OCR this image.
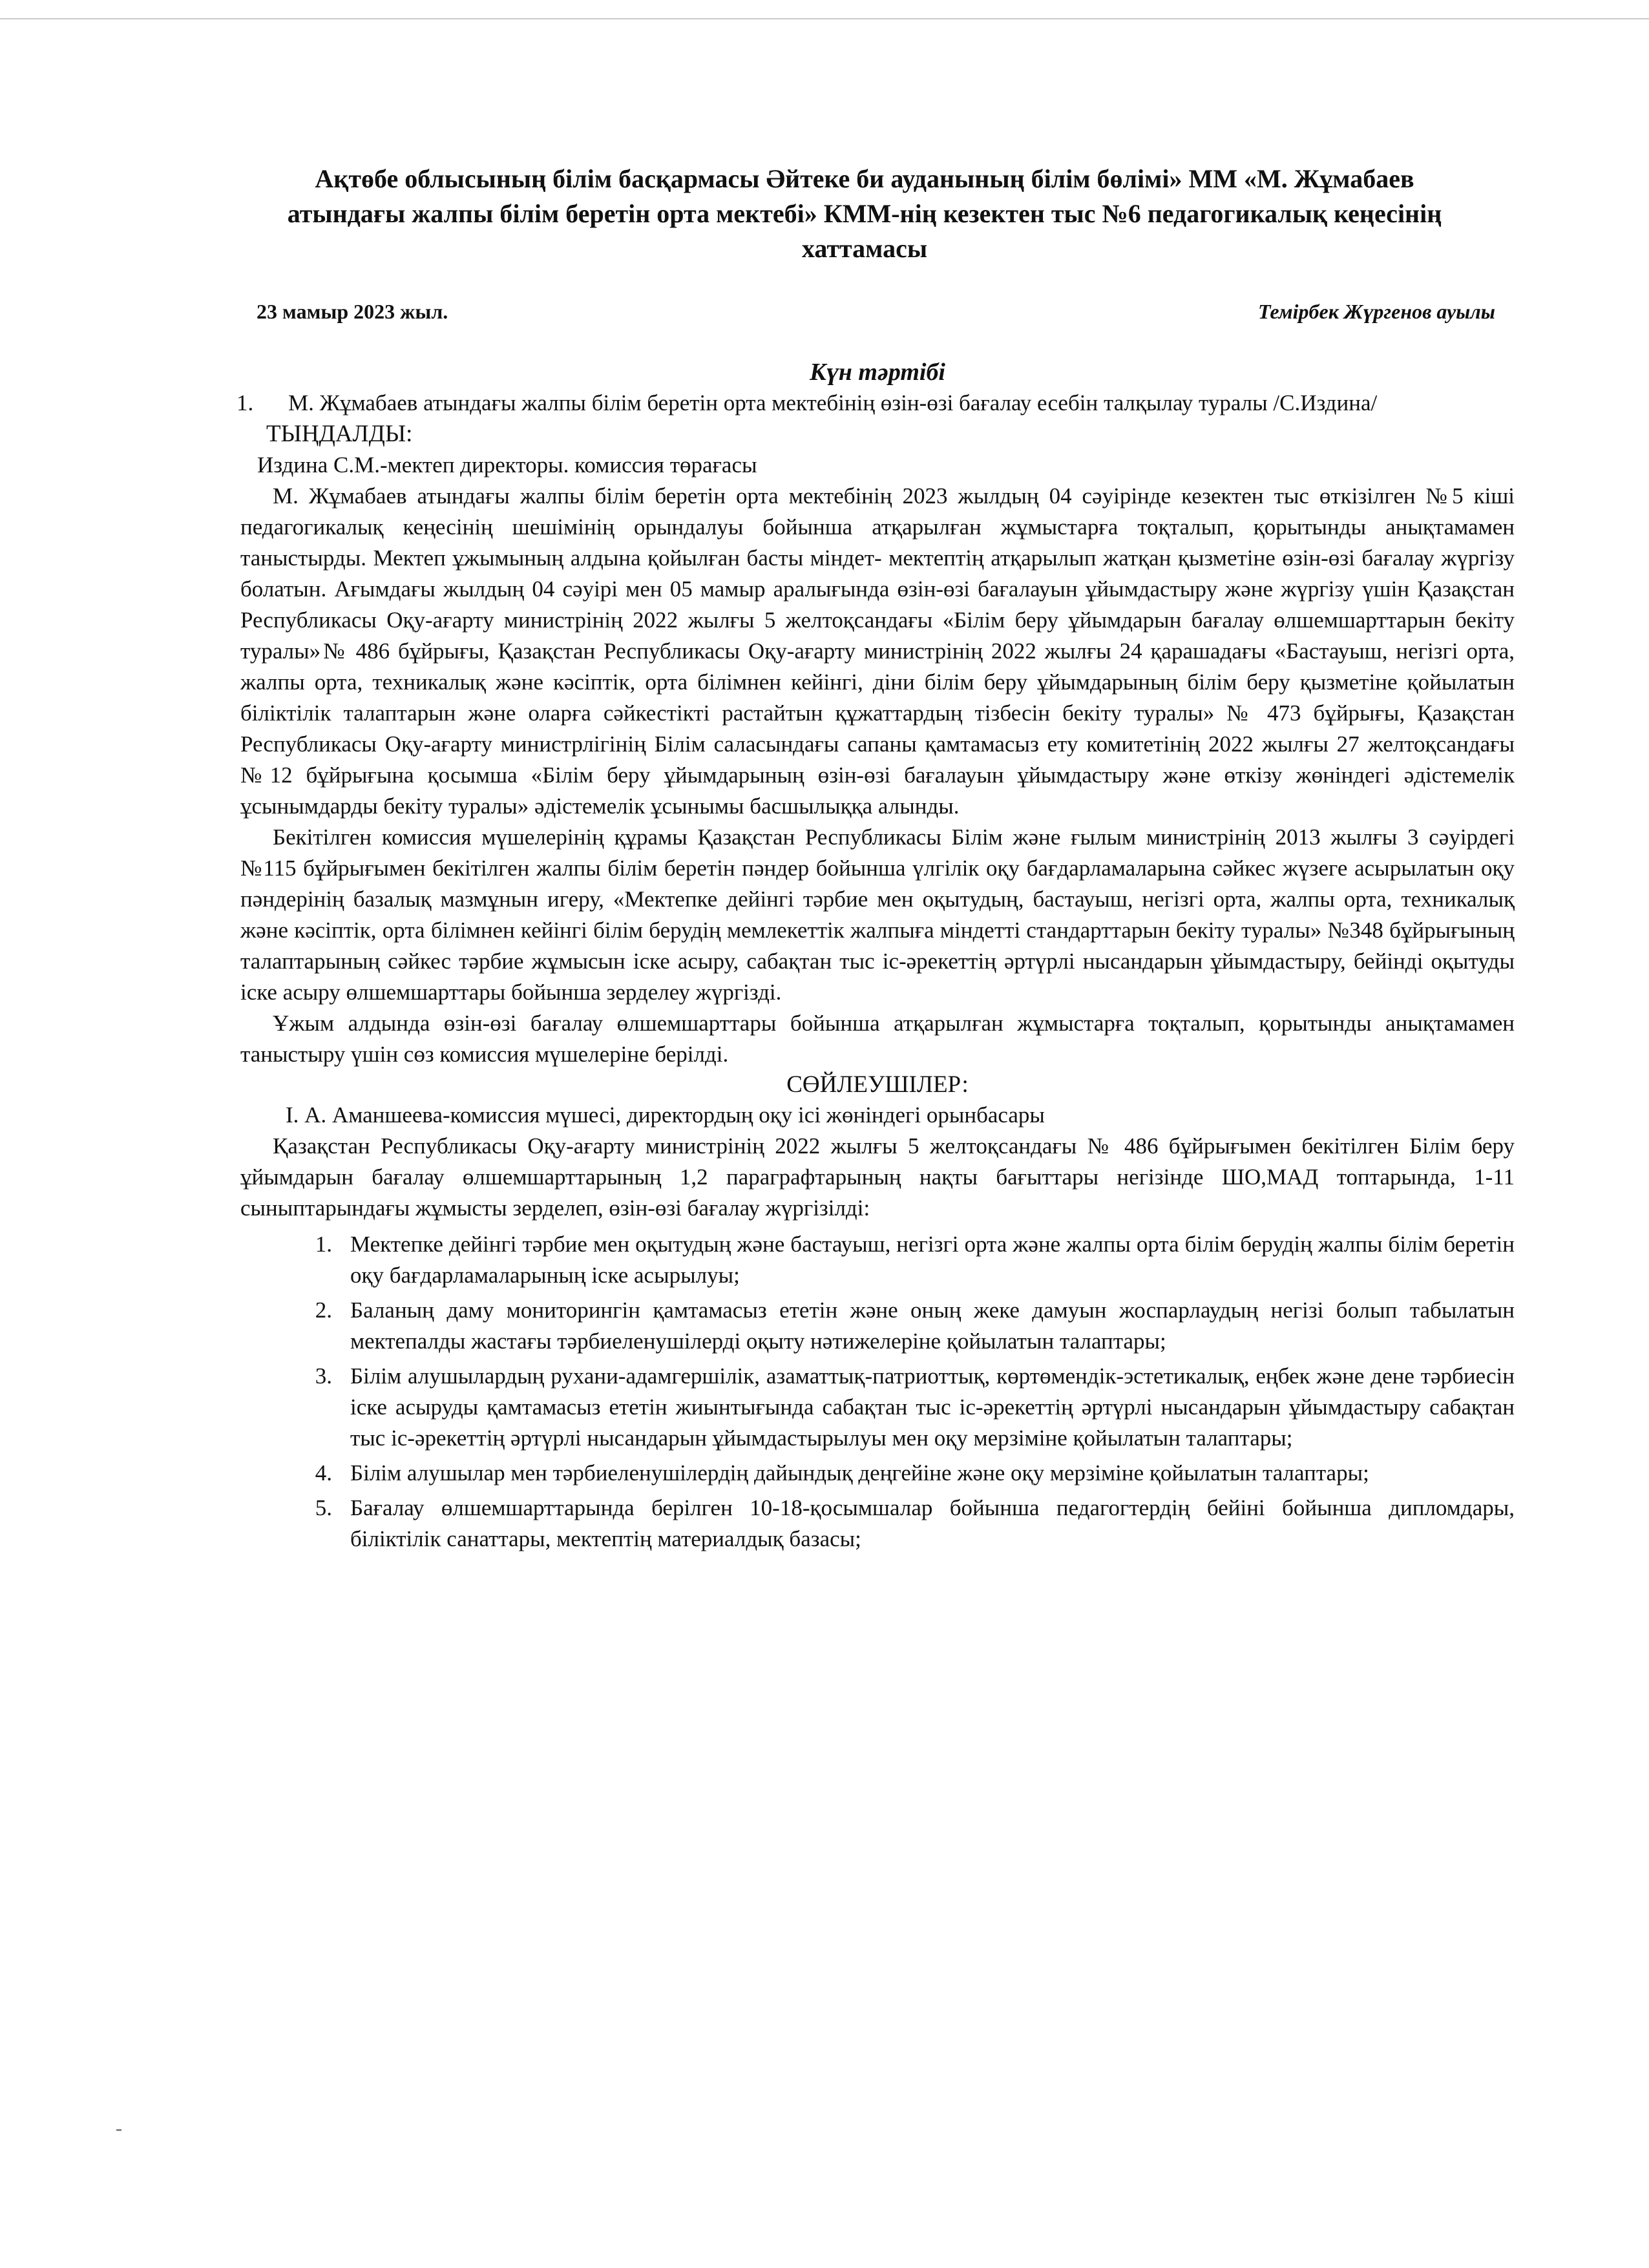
Ақтөбе облысының білім басқармасы Әйтеке би ауданының білім бөлімі» ММ «М. Жұмабаев атындағы жалпы білім беретін орта мектебі» КММ-нің кезектен тыс №6 педагогикалық кеңесінің хаттамасы
23 мамыр 2023 жыл.	Темірбек Жүргенов ауылы
Күн тәртібі
1.	М. Жұмабаев атындағы жалпы білім беретін орта мектебінің өзін-өзі бағалау есебін талқылау туралы /С.Издина/

ТЫҢДАЛДЫ:

Издина С.М.-мектеп директоры. комиссия төрағасы

М. Жұмабаев атындағы жалпы білім беретін орта мектебінің 2023 жылдың 04 сәуірінде кезектен тыс өткізілген №5 кіші педагогикалық кеңесінің шешімінің орындалуы бойынша атқарылған жұмыстарға тоқталып, қорытынды анықтамамен таныстырды. Мектеп ұжымының алдына қойылған басты міндет- мектептің атқарылып жатқан қызметіне өзін-өзі бағалау жүргізу болатын. Ағымдағы жылдың 04 сәуірі мен 05 мамыр аралығында өзін-өзі бағалауын ұйымдастыру және жүргізу үшін Қазақстан Республикасы Оқу-ағарту министрінің 2022 жылғы 5 желтоқсандағы «Білім беру ұйымдарын бағалау өлшемшарттарын бекіту туралы»№ 486 бұйрығы, Қазақстан Республикасы Оқу-ағарту министрінің 2022 жылғы 24 қарашадағы «Бастауыш, негізгі орта, жалпы орта, техникалық және кәсіптік, орта білімнен кейінгі, діни білім беру ұйымдарының білім беру қызметіне қойылатын біліктілік талаптарын және оларға сәйкестікті растайтын құжаттардың тізбесін бекіту туралы» № 473 бұйрығы, Қазақстан Республикасы Оқу-ағарту министрлігінің Білім саласындағы сапаны қамтамасыз ету комитетінің 2022 жылғы 27 желтоқсандағы №12 бұйрығына қосымша «Білім беру ұйымдарының өзін-өзі бағалауын ұйымдастыру және өткізу жөніндегі әдістемелік ұсынымдарды бекіту туралы» әдістемелік ұсынымы басшылыққа алынды.

Бекітілген комиссия мүшелерінің құрамы Қазақстан Республикасы Білім және ғылым министрінің 2013 жылғы 3 сәуірдегі №115 бұйрығымен бекітілген жалпы білім беретін пәндер бойынша үлгілік оқу бағдарламаларына сәйкес жүзеге асырылатын оқу пәндерінің базалық мазмұнын игеру, «Мектепке дейінгі тәрбие мен оқытудың, бастауыш, негізгі орта, жалпы орта, техникалық және кәсіптік, орта білімнен кейінгі білім берудің мемлекеттік жалпыға міндетті стандарттарын бекіту туралы» №348 бұйрығының талаптарының сәйкес тәрбие жұмысын іске асыру, сабақтан тыс іс-әрекеттің әртүрлі нысандарын ұйымдастыру, бейінді оқытуды іске асыру өлшемшарттары бойынша зерделеу жүргізді.

Ұжым алдында өзін-өзі бағалау өлшемшарттары бойынша атқарылған жұмыстарға тоқталып, қорытынды анықтамамен таныстыру үшін сөз комиссия мүшелеріне берілді.

СӨЙЛЕУШІЛЕР:

І. А. Аманшеева-комиссия мүшесі, директордың оқу ісі жөніндегі орынбасары

Қазақстан Республикасы Оқу-ағарту министрінің 2022 жылғы 5 желтоқсандағы № 486 бұйрығымен бекітілген Білім беру ұйымдарын бағалау өлшемшарттарының 1,2 параграфтарының нақты бағыттары негізінде ШО,МАД топтарында, 1-11 сыныптарындағы жұмысты зерделеп, өзін-өзі бағалау жүргізілді:

1. Мектепке дейінгі тәрбие мен оқытудың және бастауыш, негізгі орта және жалпы орта білім берудің жалпы білім беретін оқу бағдарламаларының іске асырылуы;
2. Баланың даму мониторингін қамтамасыз ететін және оның жеке дамуын жоспарлаудың негізі болып табылатын мектепалды жастағы тәрбиеленушілерді оқыту нәтижелеріне қойылатын талаптары;
3. Білім алушылардың рухани-адамгершілік, азаматтық-патриоттық, көртөмендік-эстетикалық, еңбек және дене тәрбиесін іске асыруды қамтамасыз ететін жиынтығында сабақтан тыс іс-әрекеттің әртүрлі нысандарын ұйымдастыру сабақтан тыс іс-әрекеттің әртүрлі нысандарын ұйымдастырылуы мен оқу мерзіміне қойылатын талаптары;
4. Білім алушылар мен тәрбиеленушілердің дайындық деңгейіне және оқу мерзіміне қойылатын талаптары;
5. Бағалау өлшемшарттарында берілген 10-18-қосымшалар бойынша педагогтердің бейіні бойынша дипломдары, біліктілік санаттары, мектептің материалдық базасы;
